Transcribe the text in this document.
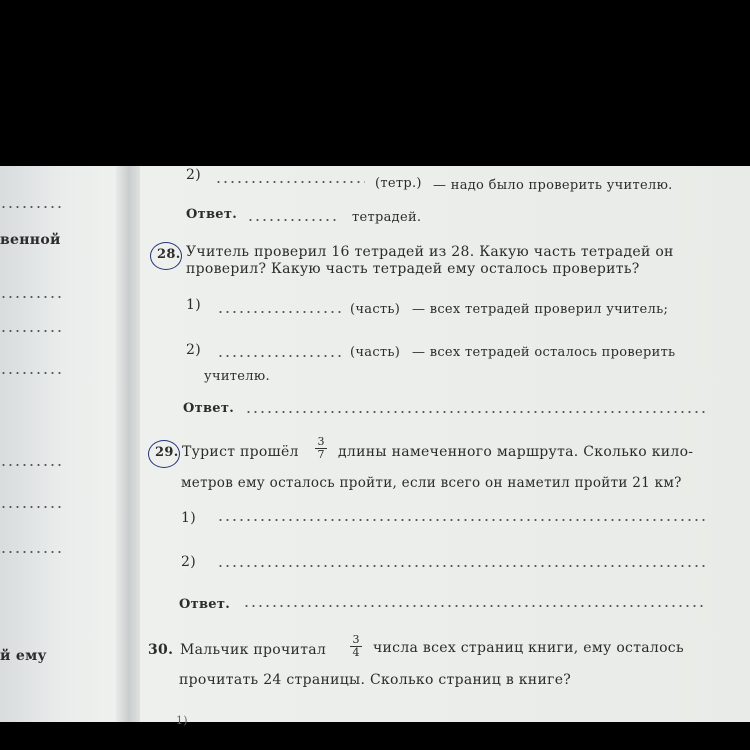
венной
й ему
2)
(тетр.) — надо было проверить учителю.
Ответ.	тетрадей.
28. Учитель проверил 16 тетрадей из 28. Какую часть тетрадей он
проверил? Какую часть тетрадей ему осталось проверить?
1)	(часть) — всех тетрадей проверил учитель;
2)	(часть) — всех тетрадей осталось проверить
учителю.
Ответ.
29. Турист прошёл $\frac{3}{7}$ длины намеченного маршрута. Сколько кило-
метров ему осталось пройти, если всего он наметил пройти 21 км?
1)
2)
Ответ.
30. Мальчик прочитал $\frac{3}{4}$ числа всех страниц книги, ему осталось
прочитать 24 страницы. Сколько страниц в книге?
1)
